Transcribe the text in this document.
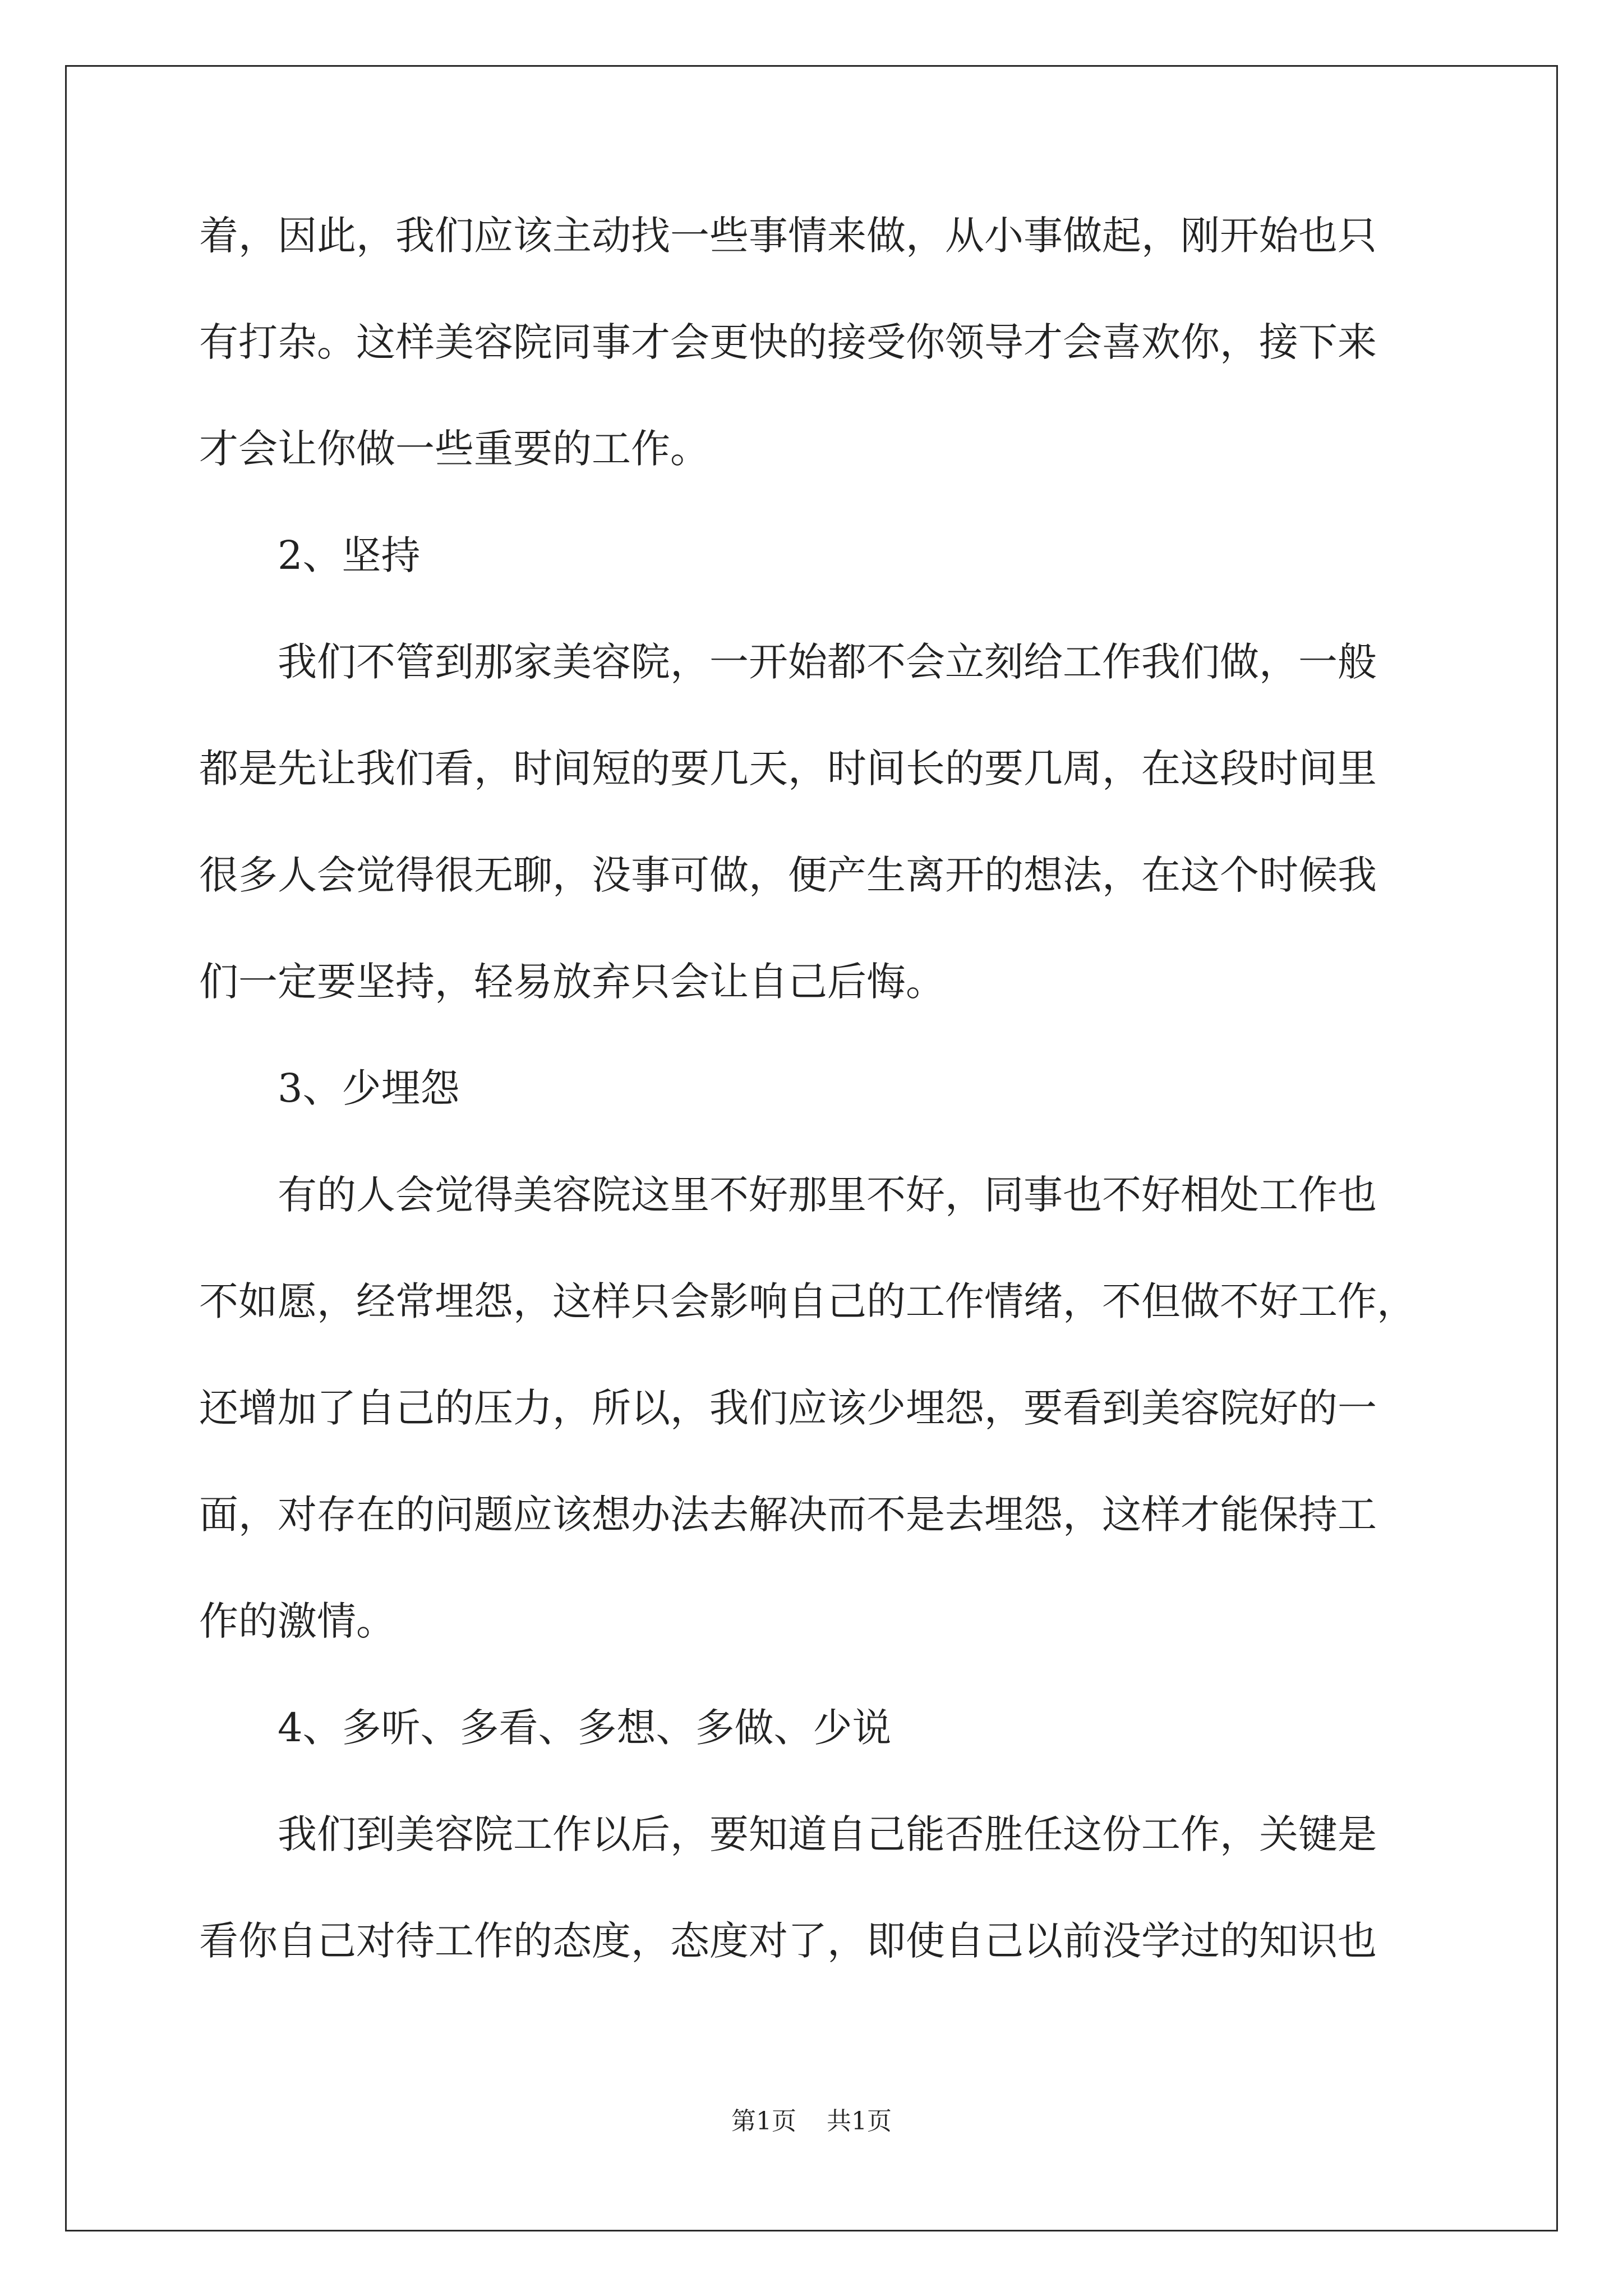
着，因此，我们应该主动找一些事情来做，从小事做起，刚开始也只
有打杂。这样美容院同事才会更快的接受你领导才会喜欢你，接下来
才会让你做一些重要的工作。
2、坚持
我们不管到那家美容院，一开始都不会立刻给工作我们做，一般
都是先让我们看，时间短的要几天，时间长的要几周，在这段时间里
很多人会觉得很无聊，没事可做，便产生离开的想法，在这个时候我
们一定要坚持，轻易放弃只会让自己后悔。
3、少埋怨
有的人会觉得美容院这里不好那里不好，同事也不好相处工作也
不如愿，经常埋怨，这样只会影响自己的工作情绪，不但做不好工作，
还增加了自己的压力，所以，我们应该少埋怨，要看到美容院好的一
面，对存在的问题应该想办法去解决而不是去埋怨，这样才能保持工
作的激情。
4、多听、多看、多想、多做、少说
我们到美容院工作以后，要知道自己能否胜任这份工作，关键是
看你自己对待工作的态度，态度对了，即使自己以前没学过的知识也
第1页 共1页
